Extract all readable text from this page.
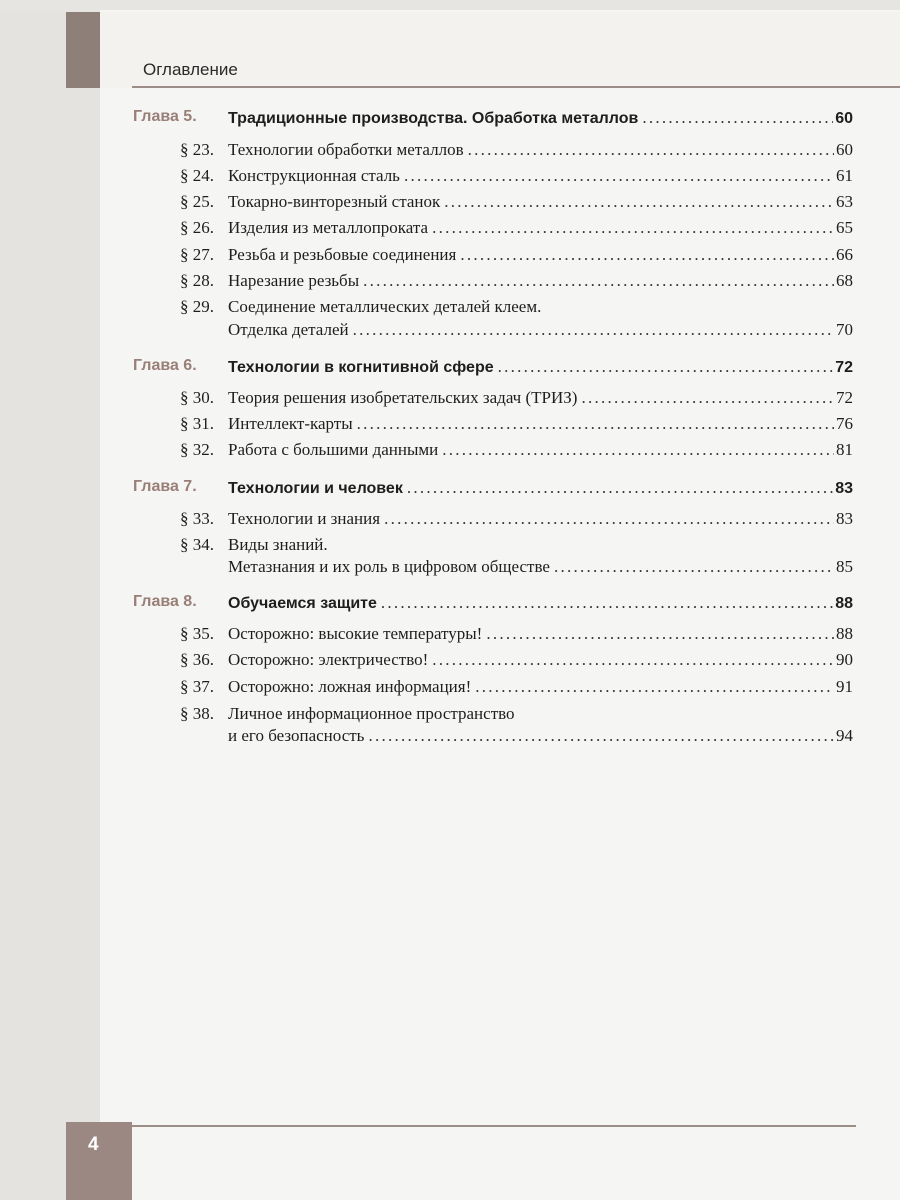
Оглавление
Глава 5. Традиционные производства. Обработка металлов . . .	60
§ 23. Технологии обработки металлов . . .	60
§ 24. Конструкционная сталь . . .	61
§ 25. Токарно-винторезный станок . . .	63
§ 26. Изделия из металлопроката . . .	65
§ 27. Резьба и резьбовые соединения . . .	66
§ 28. Нарезание резьбы . . .	68
§ 29. Соединение металлических деталей клеем.
Отделка деталей . . .	70
Глава 6. Технологии в когнитивной сфере . . .	72
§ 30. Теория решения изобретательских задач (ТРИЗ) . . .	72
§ 31. Интеллект-карты . . .	76
§ 32. Работа с большими данными . . .	81
Глава 7. Технологии и человек . . .	83
§ 33. Технологии и знания . . .	83
§ 34. Виды знаний.
Метазнания и их роль в цифровом обществе . . .	85
Глава 8. Обучаемся защите . . .	88
§ 35. Осторожно: высокие температуры! . . .	88
§ 36. Осторожно: электричество! . . .	90
§ 37. Осторожно: ложная информация! . . .	91
§ 38. Личное информационное пространство
и его безопасность . . .	94
4
